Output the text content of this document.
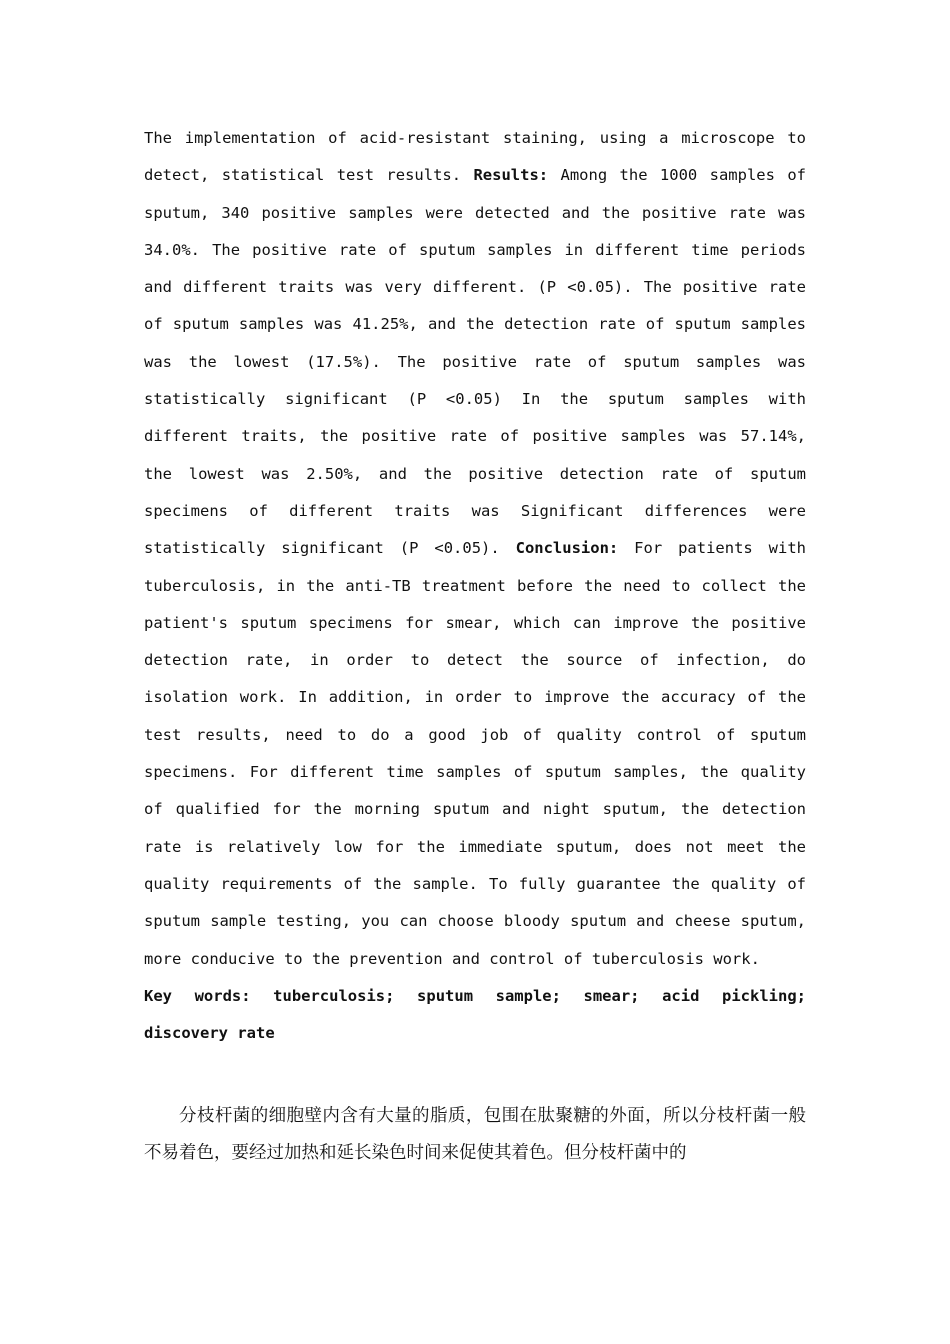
The implementation of acid-resistant staining, using a microscope to detect, statistical test results. Results: Among the 1000 samples of sputum, 340 positive samples were detected and the positive rate was 34.0%. The positive rate of sputum samples in different time periods and different traits was very different. (P <0.05). The positive rate of sputum samples was 41.25%, and the detection rate of sputum samples was the lowest (17.5%). The positive rate of sputum samples was statistically significant (P <0.05) In the sputum samples with different traits, the positive rate of positive samples was 57.14%, the lowest was 2.50%, and the positive detection rate of sputum specimens of different traits was Significant differences were statistically significant (P <0.05). Conclusion: For patients with tuberculosis, in the anti-TB treatment before the need to collect the patient's sputum specimens for smear, which can improve the positive detection rate, in order to detect the source of infection, do isolation work. In addition, in order to improve the accuracy of the test results, need to do a good job of quality control of sputum specimens. For different time samples of sputum samples, the quality of qualified for the morning sputum and night sputum, the detection rate is relatively low for the immediate sputum, does not meet the quality requirements of the sample. To fully guarantee the quality of sputum sample testing, you can choose bloody sputum and cheese sputum, more conducive to the prevention and control of tuberculosis work.

Key words: tuberculosis; sputum sample; smear; acid pickling; discovery rate

分枝杆菌的细胞壁内含有大量的脂质，包围在肽聚糖的外面，所以分枝杆菌一般不易着色，要经过加热和延长染色时间来促使其着色。但分枝杆菌中的
